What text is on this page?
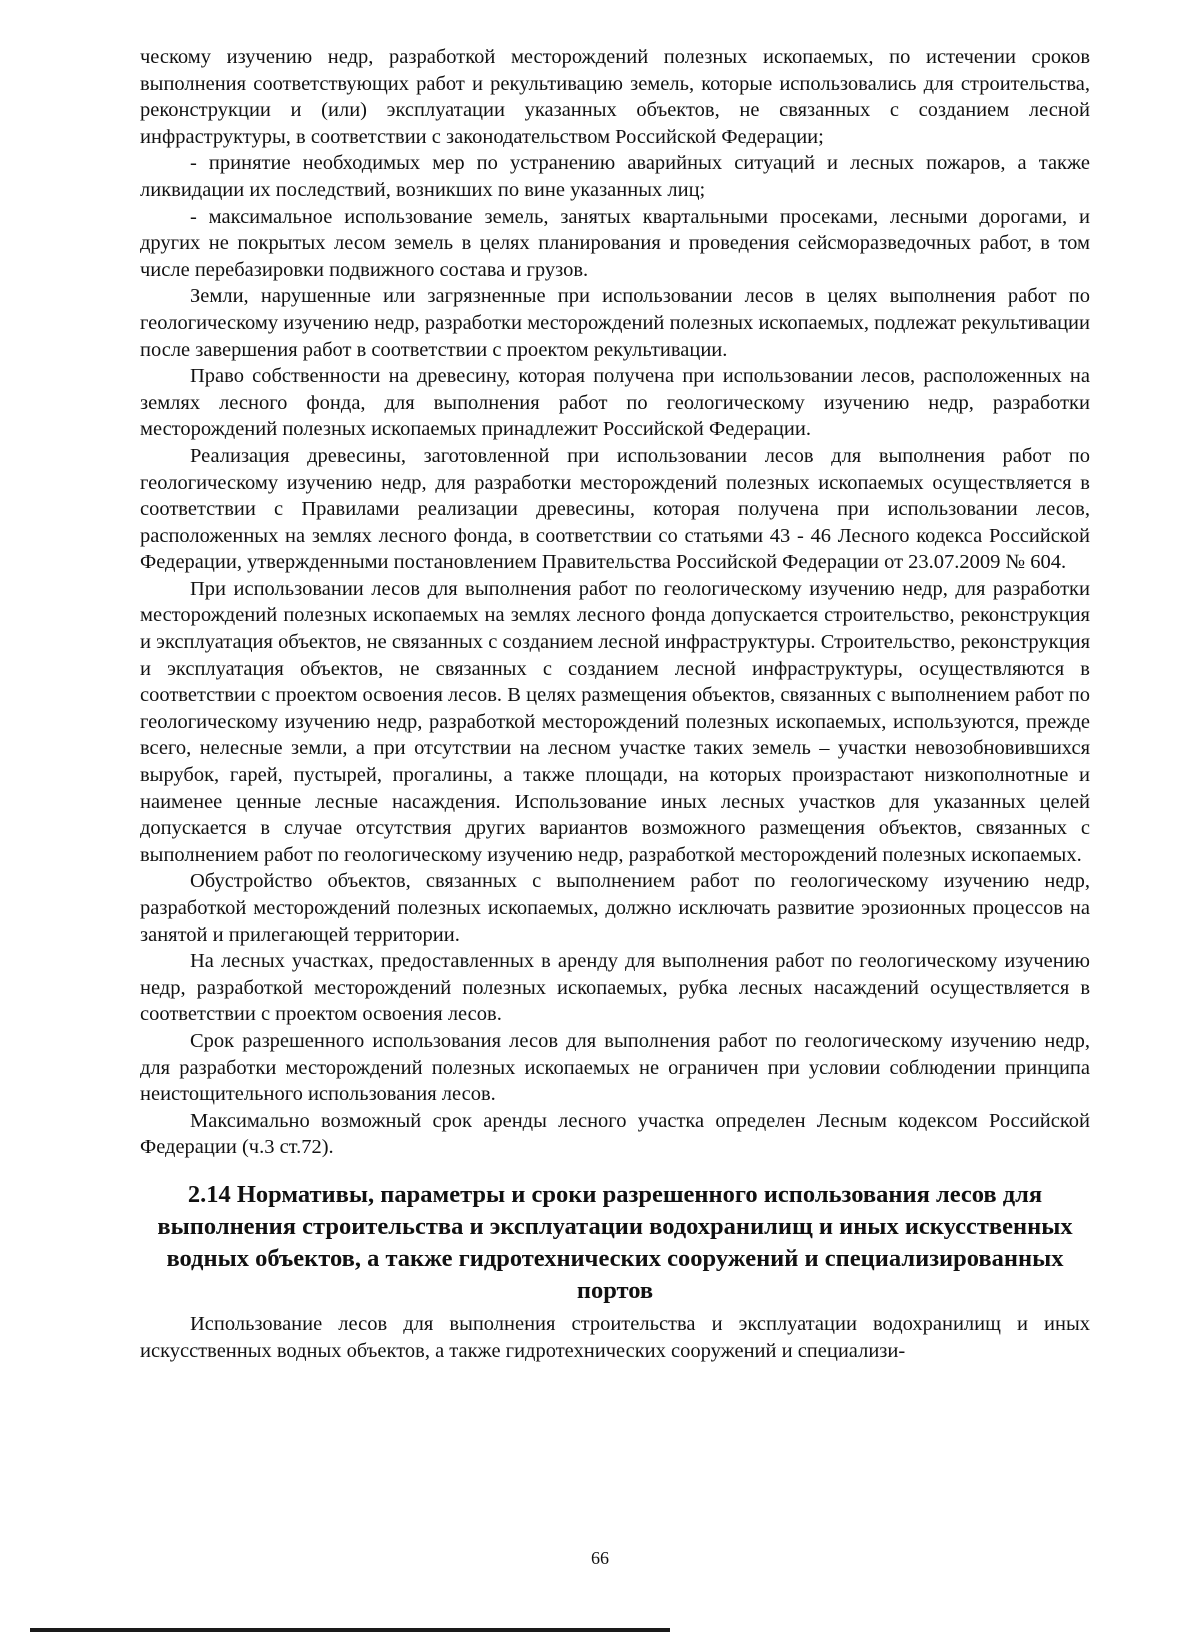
ческому изучению недр, разработкой месторождений полезных ископаемых, по истечении сроков выполнения соответствующих работ и рекультивацию земель, которые использовались для строительства, реконструкции и (или) эксплуатации указанных объектов, не связанных с созданием лесной инфраструктуры, в соответствии с законодательством Российской Федерации;

- принятие необходимых мер по устранению аварийных ситуаций и лесных пожаров, а также ликвидации их последствий, возникших по вине указанных лиц;

- максимальное использование земель, занятых квартальными просеками, лесными дорогами, и других не покрытых лесом земель в целях планирования и проведения сейсморазведочных работ, в том числе перебазировки подвижного состава и грузов.

Земли, нарушенные или загрязненные при использовании лесов в целях выполнения работ по геологическому изучению недр, разработки месторождений полезных ископаемых, подлежат рекультивации после завершения работ в соответствии с проектом рекультивации.

Право собственности на древесину, которая получена при использовании лесов, расположенных на землях лесного фонда, для выполнения работ по геологическому изучению недр, разработки месторождений полезных ископаемых принадлежит Российской Федерации.

Реализация древесины, заготовленной при использовании лесов для выполнения работ по геологическому изучению недр, для разработки месторождений полезных ископаемых осуществляется в соответствии с Правилами реализации древесины, которая получена при использовании лесов, расположенных на землях лесного фонда, в соответствии со статьями 43 - 46 Лесного кодекса Российской Федерации, утвержденными постановлением Правительства Российской Федерации от 23.07.2009 № 604.

При использовании лесов для выполнения работ по геологическому изучению недр, для разработки месторождений полезных ископаемых на землях лесного фонда допускается строительство, реконструкция и эксплуатация объектов, не связанных с созданием лесной инфраструктуры. Строительство, реконструкция и эксплуатация объектов, не связанных с созданием лесной инфраструктуры, осуществляются в соответствии с проектом освоения лесов. В целях размещения объектов, связанных с выполнением работ по геологическому изучению недр, разработкой месторождений полезных ископаемых, используются, прежде всего, нелесные земли, а при отсутствии на лесном участке таких земель – участки невозобновившихся вырубок, гарей, пустырей, прогалины, а также площади, на которых произрастают низкополнотные и наименее ценные лесные насаждения. Использование иных лесных участков для указанных целей допускается в случае отсутствия других вариантов возможного размещения объектов, связанных с выполнением работ по геологическому изучению недр, разработкой месторождений полезных ископаемых.

Обустройство объектов, связанных с выполнением работ по геологическому изучению недр, разработкой месторождений полезных ископаемых, должно исключать развитие эрозионных процессов на занятой и прилегающей территории.

На лесных участках, предоставленных в аренду для выполнения работ по геологическому изучению недр, разработкой месторождений полезных ископаемых, рубка лесных насаждений осуществляется в соответствии с проектом освоения лесов.

Срок разрешенного использования лесов для выполнения работ по геологическому изучению недр, для разработки месторождений полезных ископаемых не ограничен при условии соблюдении принципа неистощительного использования лесов.

Максимально возможный срок аренды лесного участка определен Лесным кодексом Российской Федерации (ч.3 ст.72).

2.14 Нормативы, параметры и сроки разрешенного использования лесов для выполнения строительства и эксплуатации водохранилищ и иных искусственных водных объектов, а также гидротехнических сооружений и специализированных портов

Использование лесов для выполнения строительства и эксплуатации водохранилищ и иных искусственных водных объектов, а также гидротехнических сооружений и специализи-

66
